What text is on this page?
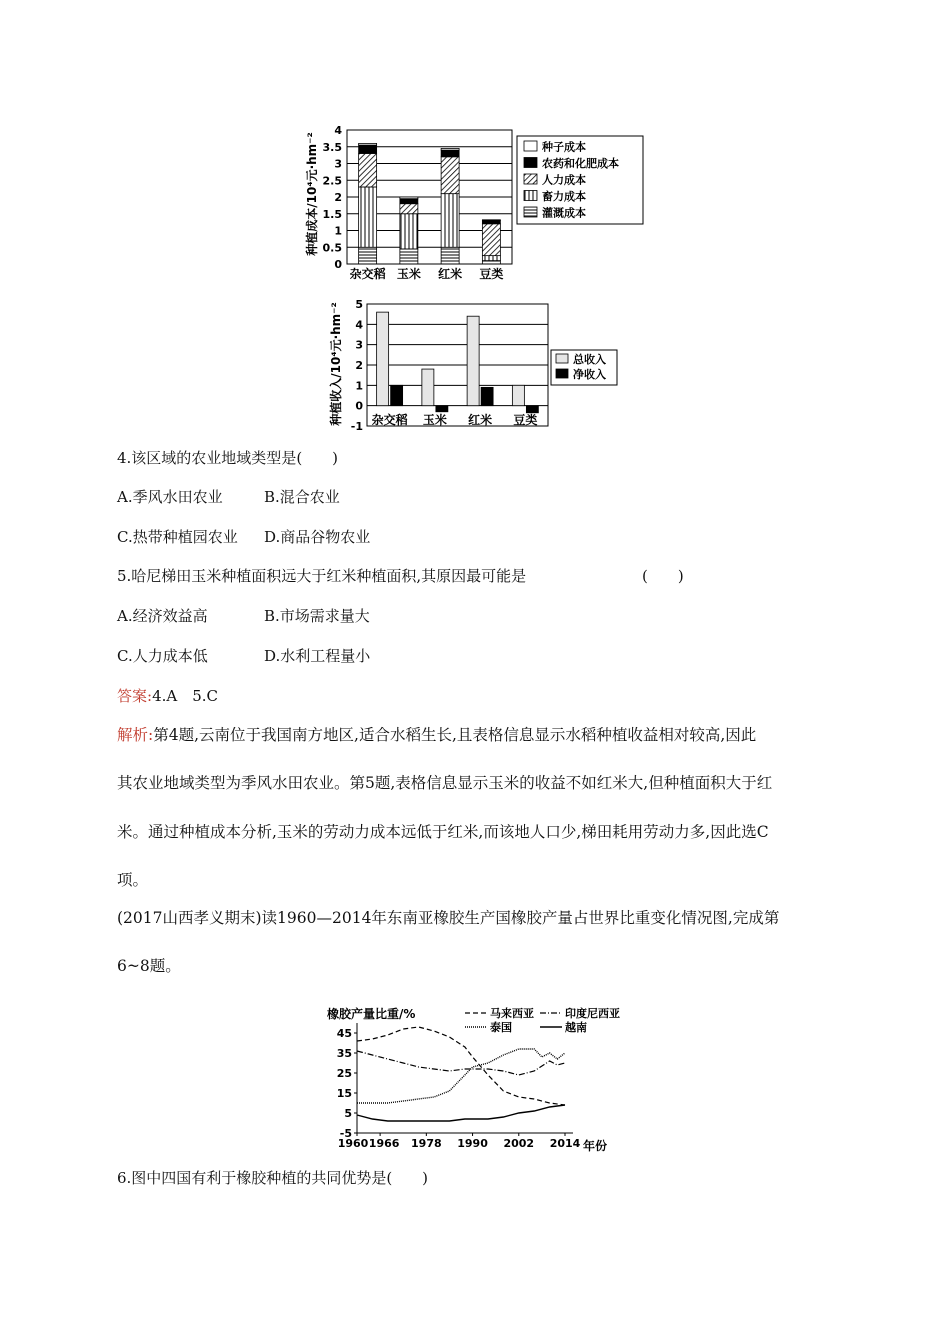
0
0.5
1
1.5
2
2.5
3
3.5
4
杂交稻 玉米 红米 豆类
种植成本/10⁴元·hm⁻²	种子成本
农药和化肥成本
人力成本
畜力成本
灌溉成本
-1
0
1
2
3
4
5
杂交稻 玉米 红米 豆类
种植收入/10⁴元·hm⁻²	总收入
净收入
4.该区域的农业地域类型是(　　)
A.季风水田农业	B.混合农业
C.热带种植园农业 D.商品谷物农业
5.哈尼梯田玉米种植面积远大于红米种植面积,其原因最可能是	(　　)
A.经济效益高	B.市场需求量大
C.人力成本低	D.水利工程量小
答案:4.A　5.C
解析:第4题,云南位于我国南方地区,适合水稻生长,且表格信息显示水稻种植收益相对较高,因此
其农业地域类型为季风水田农业。第5题,表格信息显示玉米的收益不如红米大,但种植面积大于红
米。通过种植成本分析,玉米的劳动力成本远低于红米,而该地人口少,梯田耗用劳动力多,因此选C
项。
(2017山西孝义期末)读1960—2014年东南亚橡胶生产国橡胶产量占世界比重变化情况图,完成第
6~8题。
橡胶产量比重/%
-5
5
15
25
35
45
1960 1966 1978 1990 2002 2014 年份
马来西亚	印度尼西亚
泰国	越南
6.图中四国有利于橡胶种植的共同优势是(　　)
